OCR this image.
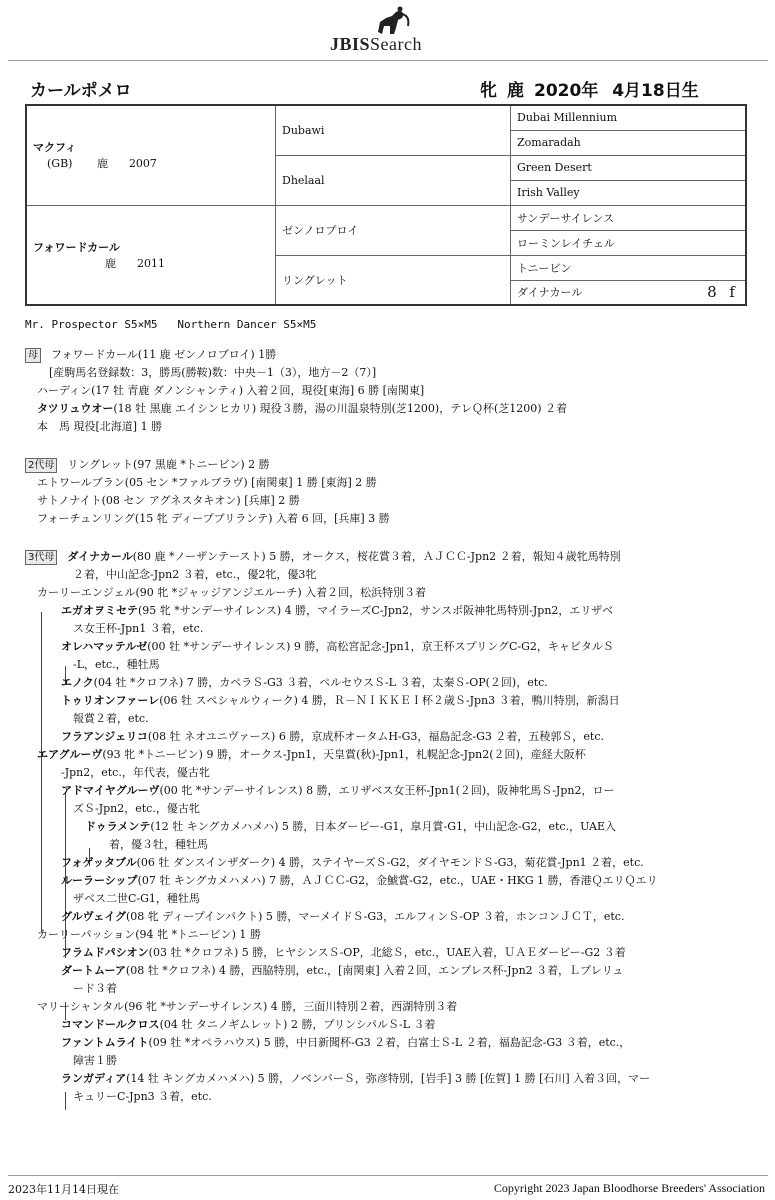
JBISSearch
カールポメロ	牝 鹿 2020年 4月18日生
マクフィ
(GB) 鹿 2007	Dubawi	Dubai Millennium
		Zomaradah
	Dhelaal	Green Desert
		Irish Valley

フォワードカール
鹿 2011	ゼンノロブロイ	サンデーサイレンス
		ローミンレイチェル
	リングレット	トニービン
		ダイナカール 8 f
Mr. Prospector S5×M5   Northern Dancer S5×M5
母 フォワードカール(11 鹿 ゼンノロブロイ) 1勝
[産駒馬名登録数：3，勝馬(勝鞍)数：中央－1（3），地方－2（7）]
ハーディン(17 牡 青鹿 ダノンシャンティ) 入着２回，現役[東海] 6 勝 [南関東]
タツリュウオー(18 牡 黒鹿 エイシンヒカリ) 現役３勝，湯の川温泉特別(芝1200)，テレＱ杯(芝1200) ２着
本　馬 現役[北海道] 1 勝
2代母 リングレット(97 黒鹿 *トニービン) 2 勝
エトワールブラン(05 セン *ファルブラヴ) [南関東] 1 勝 [東海] 2 勝
サトノナイト(08 セン アグネスタキオン) [兵庫] 2 勝
フォーチュンリング(15 牝 ディープブリランテ) 入着 6 回，[兵庫] 3 勝
3代母 ダイナカール(80 鹿 *ノーザンテースト) 5 勝，オークス，桜花賞３着，ＡＪＣＣ-Jpn2 ２着，報知４歳牝馬特別
２着，中山記念-Jpn2 ３着，etc.，優2牝，優3牝
カーリーエンジェル(90 牝 *ジャッジアンジエルーチ) 入着２回，松浜特別３着
エガオヲミセテ(95 牝 *サンデーサイレンス) 4 勝，マイラーズC-Jpn2，サンスポ阪神牝馬特別-Jpn2，エリザベ
ス女王杯-Jpn1 ３着，etc.
オレハマッテルゼ(00 牡 *サンデーサイレンス) 9 勝，高松宮記念-Jpn1，京王杯スプリングC-G2，キャピタルＳ
-L，etc.，種牡馬
エノク(04 牡 *クロフネ) 7 勝，カペラＳ-G3 ３着，ペルセウスＳ-L ３着，太秦Ｓ-OP(２回)，etc.
トゥリオンファーレ(06 牡 スペシャルウィーク) 4 勝，Ｒ－ＮＩＫＫＥＩ杯２歳Ｓ-Jpn3 ３着，鴨川特別，新潟日
報賞２着，etc.
フラアンジェリコ(08 牡 ネオユニヴァース) 6 勝，京成杯オータムH-G3，福島記念-G3 ２着，五稜郭Ｓ，etc.
エアグルーヴ(93 牝 *トニービン) 9 勝，オークス-Jpn1，天皇賞(秋)-Jpn1，札幌記念-Jpn2(２回)，産経大阪杯
-Jpn2，etc.，年代表，優古牝
アドマイヤグルーヴ(00 牝 *サンデーサイレンス) 8 勝，エリザベス女王杯-Jpn1(２回)，阪神牝馬Ｓ-Jpn2，ロー
ズＳ-Jpn2，etc.，優古牝
ドゥラメンテ(12 牡 キングカメハメハ) 5 勝，日本ダービー-G1，皐月賞-G1，中山記念-G2，etc.，UAE入
着，優３牡，種牡馬
フォゲッタブル(06 牡 ダンスインザダーク) 4 勝，ステイヤーズＳ-G2，ダイヤモンドＳ-G3，菊花賞-Jpn1 ２着，etc.
ルーラーシップ(07 牡 キングカメハメハ) 7 勝，ＡＪＣＣ-G2，金鯱賞-G2，etc.，UAE・HKG 1 勝，香港ＱエリＱエリ
ザベス二世C-G1，種牡馬
グルヴェイグ(08 牝 ディープインパクト) 5 勝，マーメイドＳ-G3，エルフィンＳ-OP ３着，ホンコンＪＣＴ，etc.
カーリーパッション(94 牝 *トニービン) 1 勝
フラムドパシオン(03 牡 *クロフネ) 5 勝，ヒヤシンスＳ-OP，北総Ｓ，etc.，UAE入着，ＵＡＥダービー-G2 ３着
ダートムーア(08 牡 *クロフネ) 4 勝，西脇特別，etc.，[南関東] 入着２回，エンプレス杯-Jpn2 ３着，Ｌプレリュ
ード３着
マリーシャンタル(96 牝 *サンデーサイレンス) 4 勝，三面川特別２着，西湖特別３着
コマンドールクロス(04 牡 タニノギムレット) 2 勝，プリンシパルＳ-L ３着
ファントムライト(09 牡 *オペラハウス) 5 勝，中日新聞杯-G3 ２着，白富士Ｓ-L ２着，福島記念-G3 ３着，etc.，
障害１勝
ランガディア(14 牡 キングカメハメハ) 5 勝，ノベンバーＳ，弥彦特別，[岩手] 3 勝 [佐賀] 1 勝 [石川] 入着３回，マー
キュリーC-Jpn3 ３着，etc.
2023年11月14日現在	Copyright 2023 Japan Bloodhorse Breeders' Association
